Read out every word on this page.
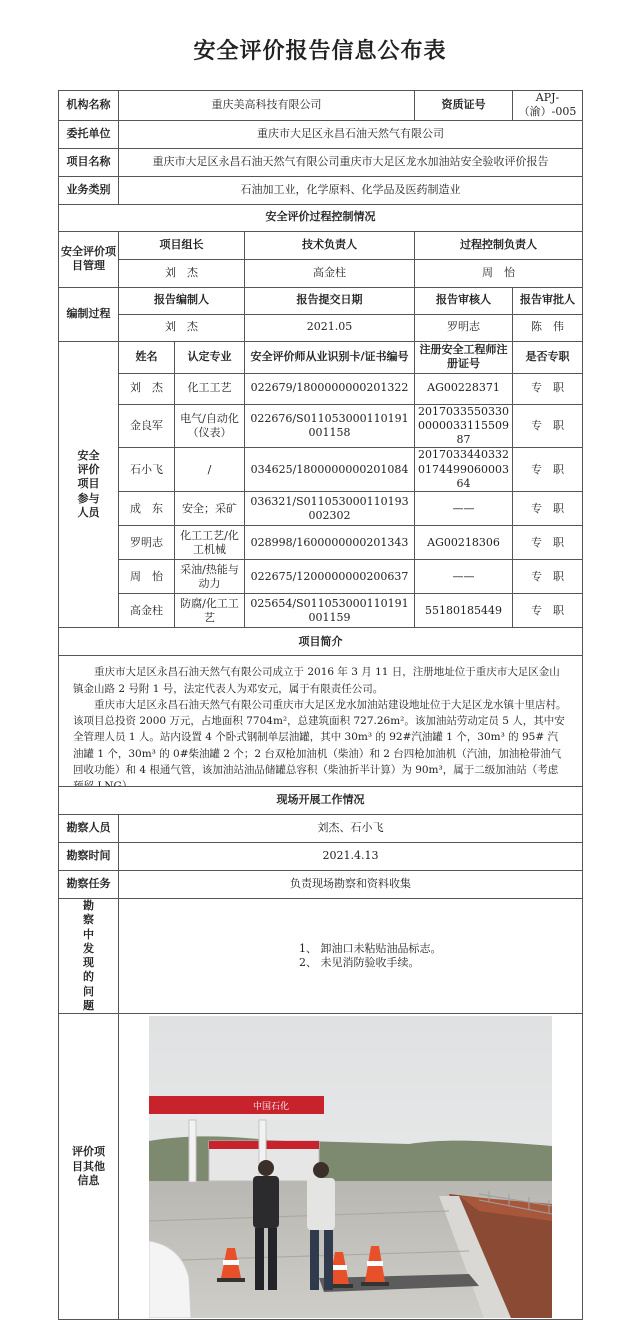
安全评价报告信息公布表
机构名称	重庆美高科技有限公司			资质证号	APJ-（渝）-005
委托单位	重庆市大足区永昌石油天然气有限公司				
项目名称	重庆市大足区永昌石油天然气有限公司重庆市大足区龙水加油站安全验收评价报告				
业务类别	石油加工业，化学原料、化学品及医药制造业				
安全评价过程控制情况					
安全评价项目管理	项目组长		技术负责人	过程控制负责人	
	刘　杰		高金柱	周　怡	
编制过程	报告编制人		报告提交日期	报告审核人	报告审批人
	刘　杰		2021.05	罗明志	陈　伟
安全评价项目参与人员	姓名	认定专业	安全评价师从业识别卡/证书编号	注册安全工程师注册证号	是否专职
	刘　杰	化工工艺	022679/1800000000201322	AG00228371	专　职
	金良军	电气/自动化（仪表）	022676/S011053000110191001158	2017033550330000003311550987	专　职
	石小飞	/	034625/1800000000201084	2017033440332017449906000364	专　职
	成　东	安全；采矿	036321/S011053000110193002302	——	专　职
	罗明志	化工工艺/化工机械	028998/1600000000201343	AG00218306	专　职
	周　怡	采油/热能与动力	022675/1200000000200637	——	专　职
	高金柱	防腐/化工工艺	025654/S011053000110191001159	55180185449	专　职
项目简介					

重庆市大足区永昌石油天然气有限公司成立于 2016 年 3 月 11 日，注册地址位于重庆市大足区金山镇金山路 2 号附 1 号，法定代表人为邓安元，属于有限责任公司。

重庆市大足区永昌石油天然气有限公司重庆市大足区龙水加油站建设地址位于大足区龙水镇十里店村。该项目总投资 2000 万元，占地面积 7704m²，总建筑面积 727.26m²。该加油站劳动定员 5 人，其中安全管理人员 1 人。站内设置 4 个卧式钢制单层油罐，其中 30m³ 的 92#汽油罐 1 个，30m³ 的 95# 汽油罐 1 个，30m³ 的 0#柴油罐 2 个；2 台双枪加油机（柴油）和 2 台四枪加油机（汽油，加油枪带油气回收功能）和 4 根通气管，该加油站油品储罐总容积（柴油折半计算）为 90m³，属于二级加油站（考虑					

现场开展工作情况	
勘察人员	刘杰、石小飞
勘察时间	2021.4.13
勘察任务	负责现场勘察和资料收集
勘察中发现的问题	1、 卸油口未粘贴油品标志。
2、 未见消防验收手续。

评价项目其他信息	中国石化
